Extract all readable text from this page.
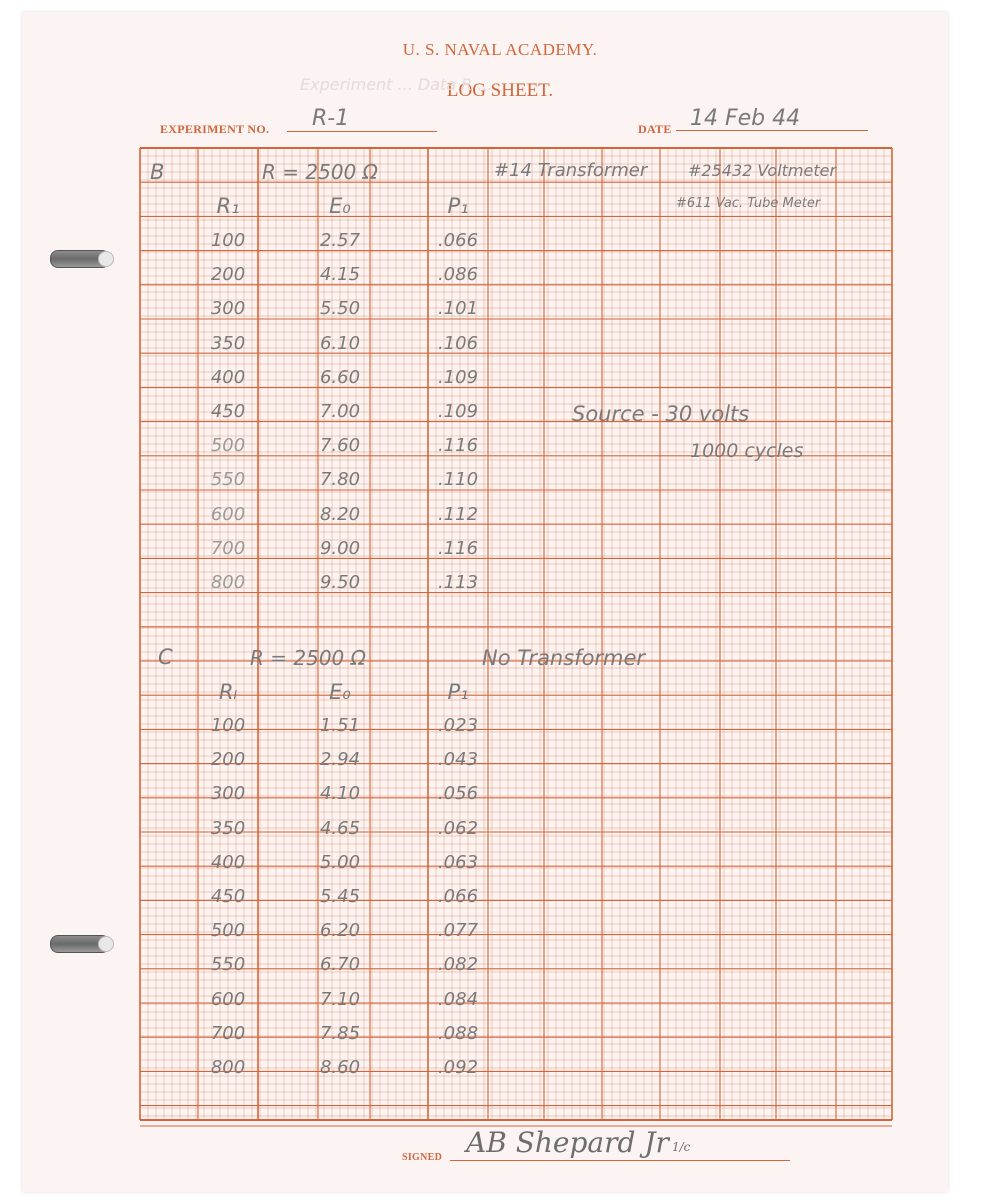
U. S. NAVAL ACADEMY.
LOG SHEET.
Experiment ... Data R ...
EXPERIMENT NO. R-1	DATE 14 Feb 44
B	R = 2500 Ω	#14 Transformer	#25432 Voltmeter
#611 Vac. Tube Meter
R₁	E₀	P₁
100	2.57	.066
200	4.15	.086
300	5.50	.101
350	6.10	.106
400	6.60	.109
450	7.00	.109
500	7.60	.116
550	7.80	.110
600	8.20	.112
700	9.00	.116
800	9.50	.113
Source - 30 volts
1000 cycles
C	R = 2500 Ω	No Transformer
Rₗ	E₀	P₁
100	1.51	.023
200	2.94	.043
300	4.10	.056
350	4.65	.062
400	5.00	.063
450	5.45	.066
500	6.20	.077
550	6.70	.082
600	7.10	.084
700	7.85	.088
800	8.60	.092
SIGNED AB Shepard Jr 1/c
